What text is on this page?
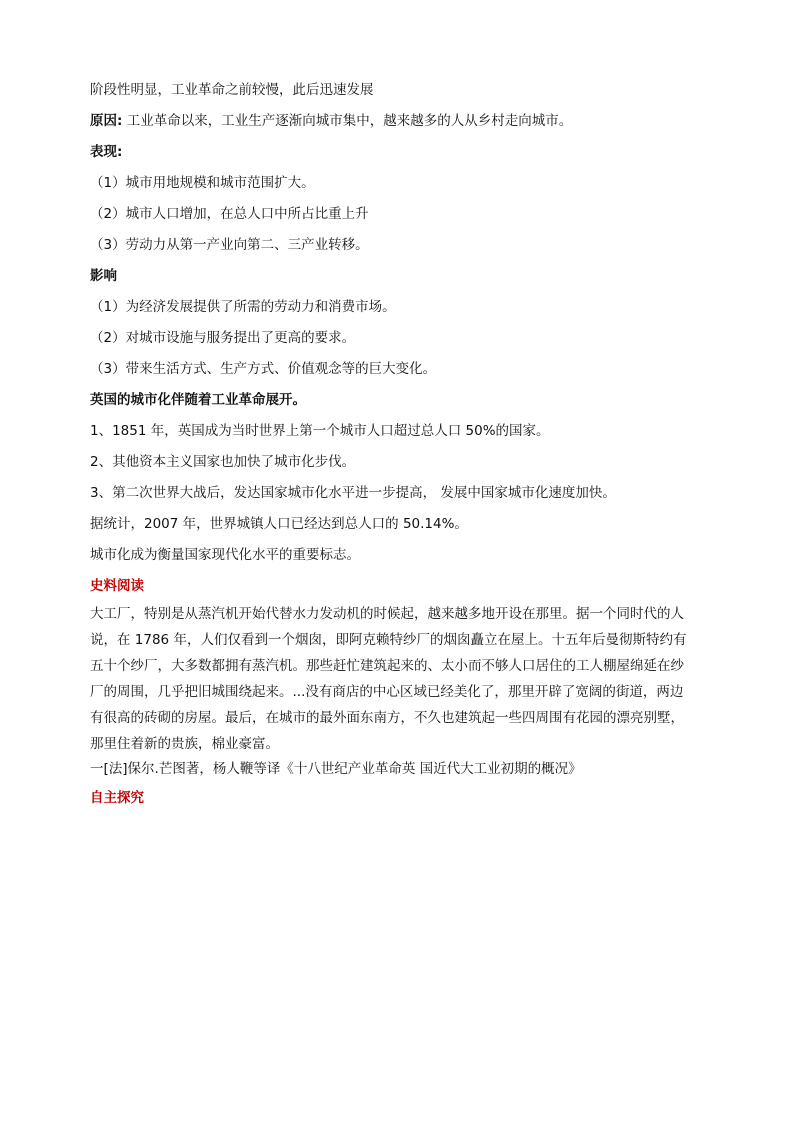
阶段性明显，工业革命之前较慢，此后迅速发展
原因: 工业革命以来，工业生产逐渐向城市集中，越来越多的人从乡村走向城市。
表现:
（1）城市用地规模和城市范围扩大。
（2）城市人口增加，在总人口中所占比重上升
（3）劳动力从第一产业向第二、三产业转移。
影响
（1）为经济发展提供了所需的劳动力和消费市场。
（2）对城市设施与服务提出了更高的要求。
（3）带来生活方式、生产方式、价值观念等的巨大变化。
英国的城市化伴随着工业革命展开。
1、1851 年，英国成为当时世界上第一个城市人口超过总人口 50%的国家。
2、其他资本主义国家也加快了城市化步伐。
3、第二次世界大战后，发达国家城市化水平进一步提高， 发展中国家城市化速度加快。
据统计，2007 年，世界城镇人口已经达到总人口的 50.14%。
城市化成为衡量国家现代化水平的重要标志。
史料阅读
大工厂，特别是从蒸汽机开始代替水力发动机的时候起，越来越多地开设在那里。据一个同时代的人
说，在 1786 年，人们仅看到一个烟囱，即阿克赖特纱厂的烟囱矗立在屋上。十五年后曼彻斯特约有
五十个纱厂，大多数都拥有蒸汽机。那些赶忙建筑起来的、太小而不够人口居住的工人棚屋绵延在纱
厂的周围，几乎把旧城围绕起来。...没有商店的中心区域已经美化了，那里开辟了宽阔的街道，两边
有很高的砖砌的房屋。最后，在城市的最外面东南方，不久也建筑起一些四周围有花园的漂亮别墅，
那里住着新的贵族，棉业豪富。
一[法]保尔.芒图著，杨人鞭等译《十八世纪产业革命英 国近代大工业初期的概况》
自主探究
